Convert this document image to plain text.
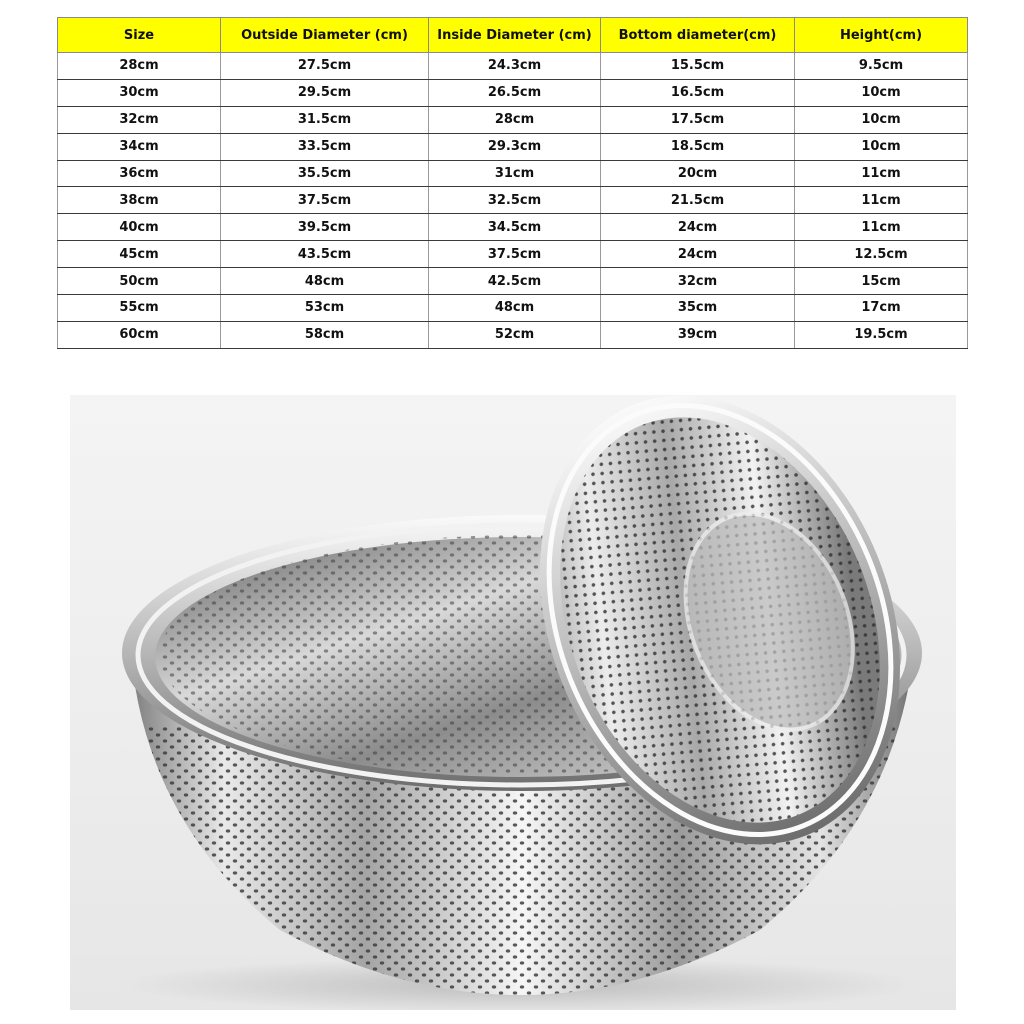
Size	Outside Diameter (cm)	Inside Diameter (cm)	Bottom diameter(cm)	Height(cm)
28cm	27.5cm	24.3cm	15.5cm	9.5cm
30cm	29.5cm	26.5cm	16.5cm	10cm
32cm	31.5cm	28cm	17.5cm	10cm
34cm	33.5cm	29.3cm	18.5cm	10cm
36cm	35.5cm	31cm	20cm	11cm
38cm	37.5cm	32.5cm	21.5cm	11cm
40cm	39.5cm	34.5cm	24cm	11cm
45cm	43.5cm	37.5cm	24cm	12.5cm
50cm	48cm	42.5cm	32cm	15cm
55cm	53cm	48cm	35cm	17cm
60cm	58cm	52cm	39cm	19.5cm
